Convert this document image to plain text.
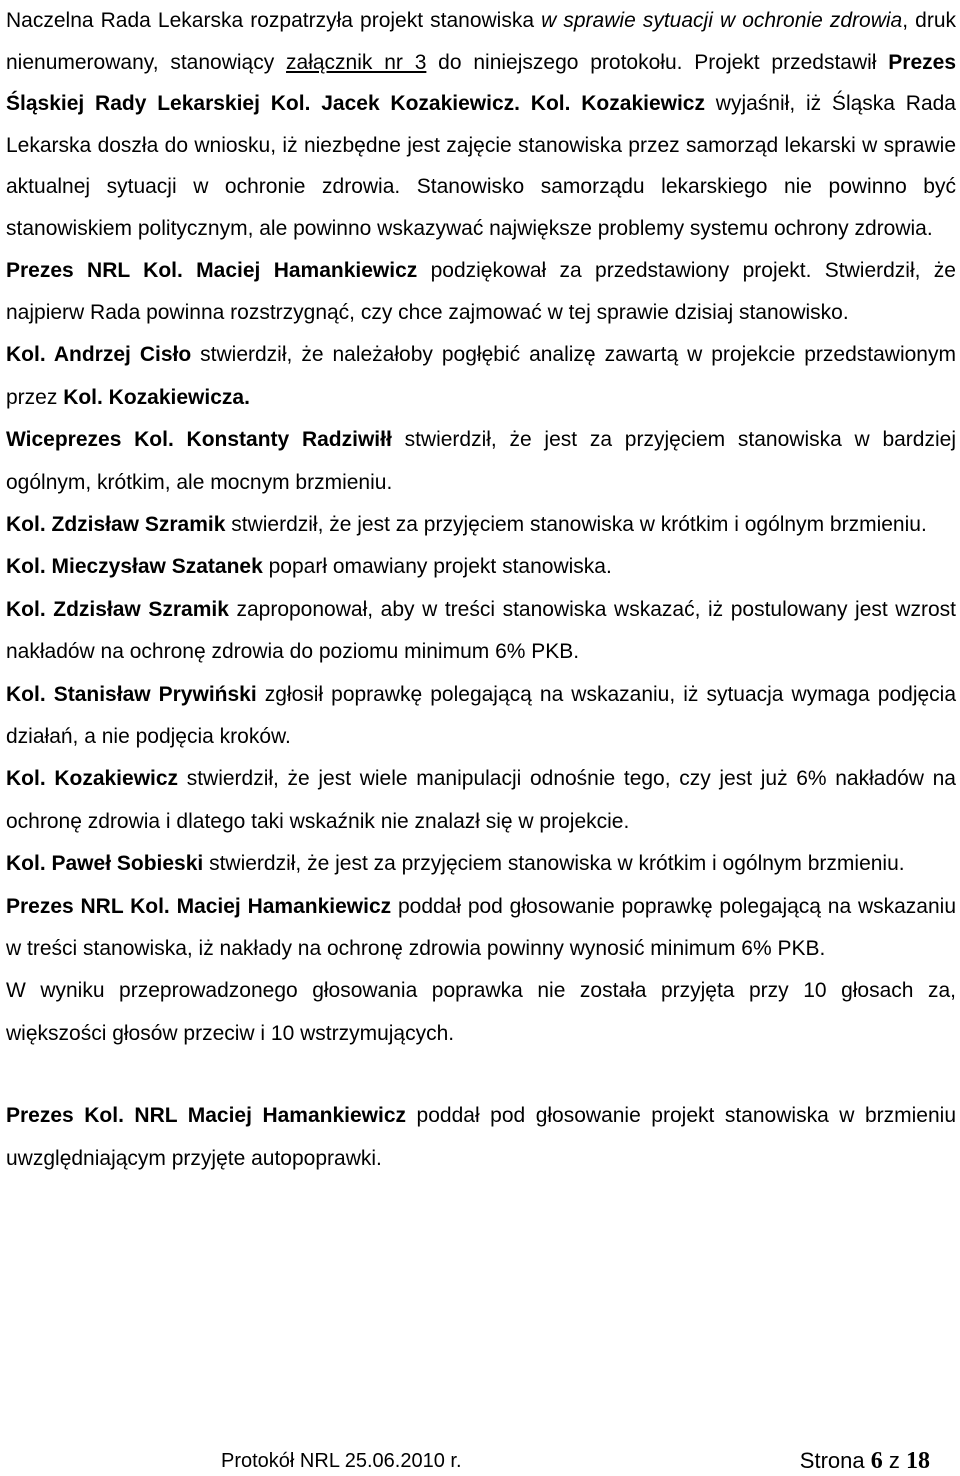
Naczelna Rada Lekarska rozpatrzyła projekt stanowiska w sprawie sytuacji w ochronie zdrowia, druk nienumerowany, stanowiący załącznik nr 3 do niniejszego protokołu. Projekt przedstawił Prezes Śląskiej Rady Lekarskiej Kol. Jacek Kozakiewicz. Kol. Kozakiewicz wyjaśnił, iż Śląska Rada Lekarska doszła do wniosku, iż niezbędne jest zajęcie stanowiska przez samorząd lekarski w sprawie aktualnej sytuacji w ochronie zdrowia. Stanowisko samorządu lekarskiego nie powinno być stanowiskiem politycznym, ale powinno wskazywać największe problemy systemu ochrony zdrowia.

Prezes NRL Kol. Maciej Hamankiewicz podziękował za przedstawiony projekt. Stwierdził, że najpierw Rada powinna rozstrzygnąć, czy chce zajmować w tej sprawie dzisiaj stanowisko.

Kol. Andrzej Cisło stwierdził, że należałoby pogłębić analizę zawartą w projekcie przedstawionym przez Kol. Kozakiewicza.

Wiceprezes Kol. Konstanty Radziwiłł stwierdził, że jest za przyjęciem stanowiska w bardziej ogólnym, krótkim, ale mocnym brzmieniu.

Kol. Zdzisław Szramik stwierdził, że jest za przyjęciem stanowiska w krótkim i ogólnym brzmieniu.

Kol. Mieczysław Szatanek poparł omawiany projekt stanowiska.

Kol. Zdzisław Szramik zaproponował, aby w treści stanowiska wskazać, iż postulowany jest wzrost nakładów na ochronę zdrowia do poziomu minimum 6% PKB.

Kol. Stanisław Prywiński zgłosił poprawkę polegającą na wskazaniu, iż sytuacja wymaga podjęcia działań, a nie podjęcia kroków.

Kol. Kozakiewicz stwierdził, że jest wiele manipulacji odnośnie tego, czy jest już 6% nakładów na ochronę zdrowia i dlatego taki wskaźnik nie znalazł się w projekcie.

Kol. Paweł Sobieski stwierdził, że jest za przyjęciem stanowiska w krótkim i ogólnym brzmieniu.

Prezes NRL Kol. Maciej Hamankiewicz poddał pod głosowanie poprawkę polegającą na wskazaniu w treści stanowiska, iż nakłady na ochronę zdrowia powinny wynosić minimum 6% PKB.

W wyniku przeprowadzonego głosowania poprawka nie została przyjęta przy 10 głosach za, większości głosów przeciw i 10 wstrzymujących.

Prezes Kol. NRL Maciej Hamankiewicz poddał pod głosowanie projekt stanowiska w brzmieniu uwzględniającym przyjęte autopoprawki.

Protokół NRL 25.06.2010 r.	Strona 6 z 18
